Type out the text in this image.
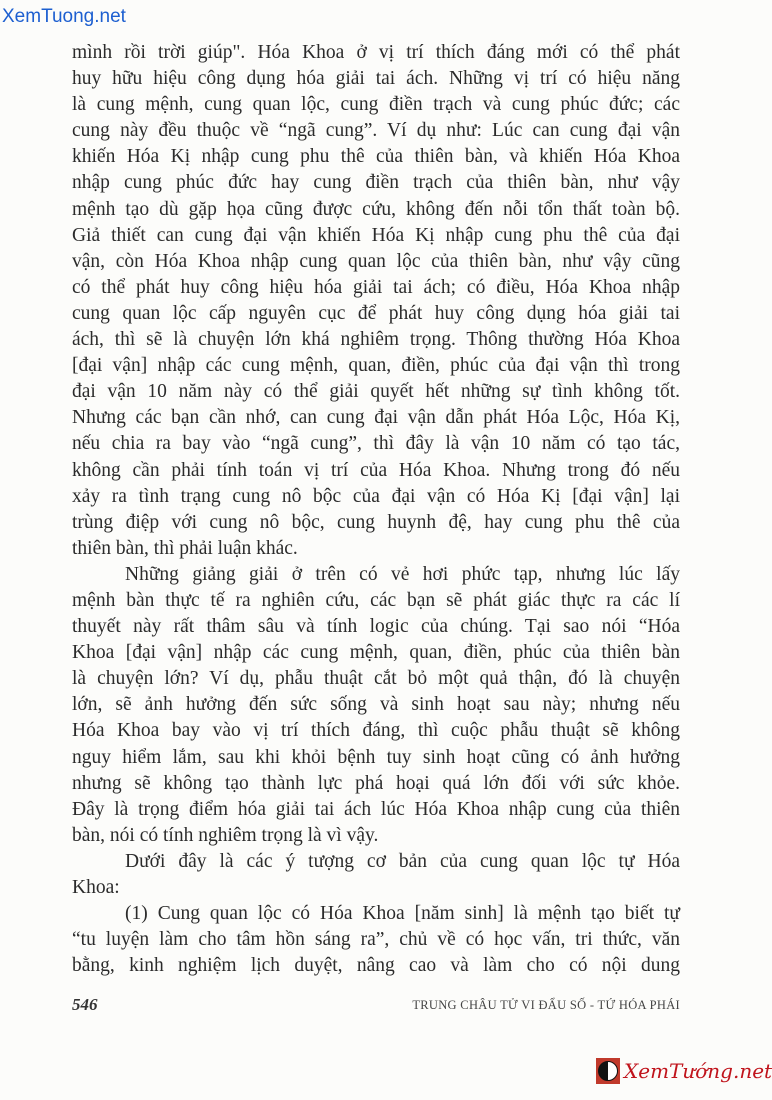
XemTuong.net
mình rồi trời giúp". Hóa Khoa ở vị trí thích đáng mới có thể phát
huy hữu hiệu công dụng hóa giải tai ách. Những vị trí có hiệu năng
là cung mệnh, cung quan lộc, cung điền trạch và cung phúc đức; các
cung này đều thuộc về “ngã cung”. Ví dụ như: Lúc can cung đại vận
khiến Hóa Kị nhập cung phu thê của thiên bàn, và khiến Hóa Khoa
nhập cung phúc đức hay cung điền trạch của thiên bàn, như vậy
mệnh tạo dù gặp họa cũng được cứu, không đến nỗi tổn thất toàn bộ.
Giả thiết can cung đại vận khiến Hóa Kị nhập cung phu thê của đại
vận, còn Hóa Khoa nhập cung quan lộc của thiên bàn, như vậy cũng
có thể phát huy công hiệu hóa giải tai ách; có điều, Hóa Khoa nhập
cung quan lộc cấp nguyên cục để phát huy công dụng hóa giải tai
ách, thì sẽ là chuyện lớn khá nghiêm trọng. Thông thường Hóa Khoa
[đại vận] nhập các cung mệnh, quan, điền, phúc của đại vận thì trong
đại vận 10 năm này có thể giải quyết hết những sự tình không tốt.
Nhưng các bạn cần nhớ, can cung đại vận dẫn phát Hóa Lộc, Hóa Kị,
nếu chia ra bay vào “ngã cung”, thì đây là vận 10 năm có tạo tác,
không cần phải tính toán vị trí của Hóa Khoa. Nhưng trong đó nếu
xảy ra tình trạng cung nô bộc của đại vận có Hóa Kị [đại vận] lại
trùng điệp với cung nô bộc, cung huynh đệ, hay cung phu thê của
thiên bàn, thì phải luận khác.
Những giảng giải ở trên có vẻ hơi phức tạp, nhưng lúc lấy
mệnh bàn thực tế ra nghiên cứu, các bạn sẽ phát giác thực ra các lí
thuyết này rất thâm sâu và tính logic của chúng. Tại sao nói “Hóa
Khoa [đại vận] nhập các cung mệnh, quan, điền, phúc của thiên bàn
là chuyện lớn? Ví dụ, phẫu thuật cắt bỏ một quả thận, đó là chuyện
lớn, sẽ ảnh hưởng đến sức sống và sinh hoạt sau này; nhưng nếu
Hóa Khoa bay vào vị trí thích đáng, thì cuộc phẫu thuật sẽ không
nguy hiểm lắm, sau khi khỏi bệnh tuy sinh hoạt cũng có ảnh hưởng
nhưng sẽ không tạo thành lực phá hoại quá lớn đối với sức khỏe.
Đây là trọng điểm hóa giải tai ách lúc Hóa Khoa nhập cung của thiên
bàn, nói có tính nghiêm trọng là vì vậy.
Dưới đây là các ý tượng cơ bản của cung quan lộc tự Hóa
Khoa:
(1) Cung quan lộc có Hóa Khoa [năm sinh] là mệnh tạo biết tự
“tu luyện làm cho tâm hồn sáng ra”, chủ về có học vấn, tri thức, văn
bằng, kinh nghiệm lịch duyệt, nâng cao và làm cho có nội dung
546	TRUNG CHÂU TỬ VI ĐẨU SỐ - TỨ HÓA PHÁI
XemTướng.net
